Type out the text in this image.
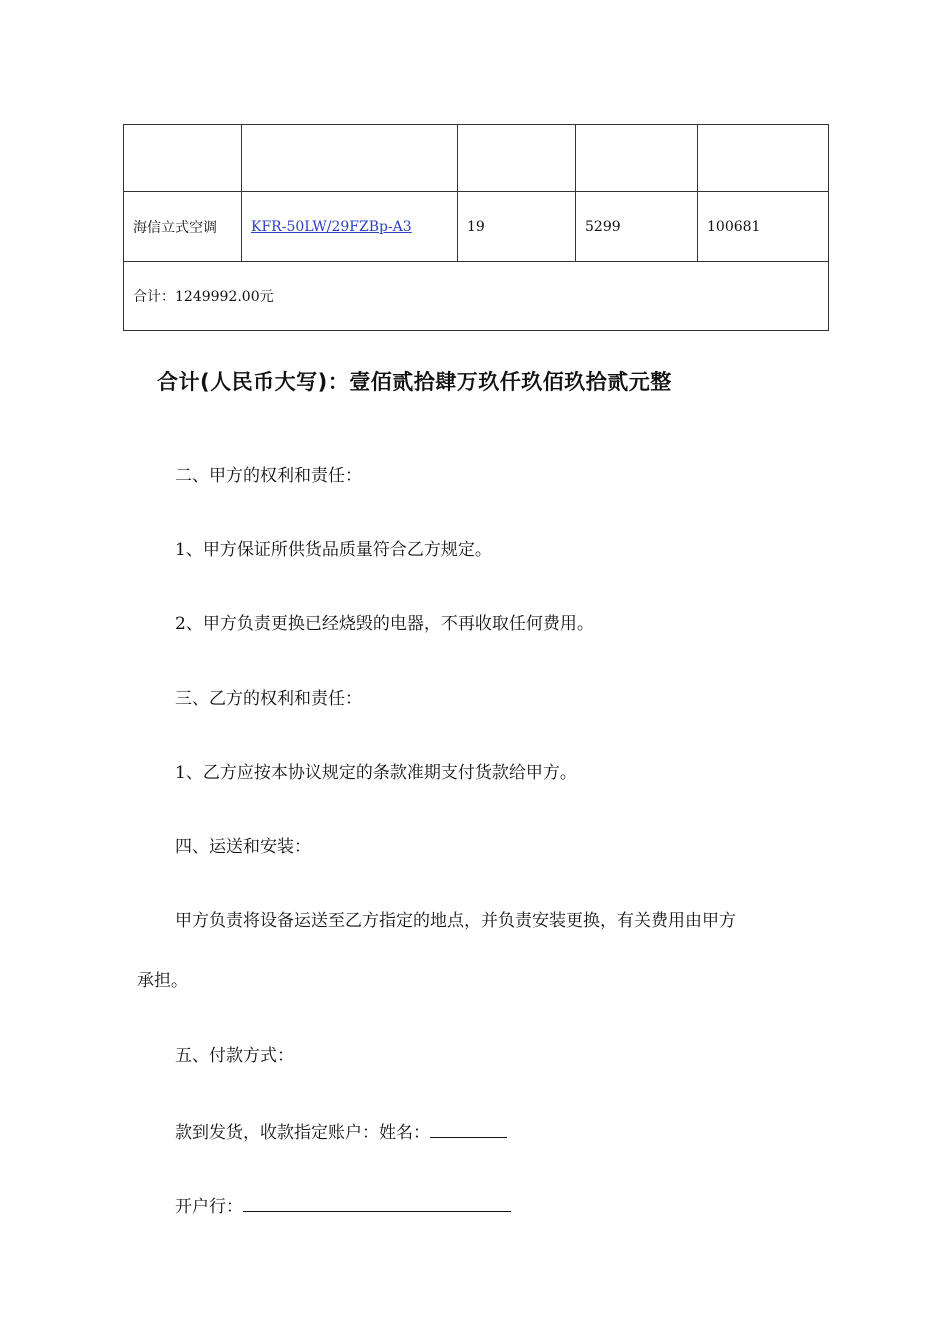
海信立式空调	KFR-50LW/29FZBp-A3	19	5299	100681
合计：1249992.00元				
合计(人民币大写)：壹佰贰拾肆万玖仟玖佰玖拾贰元整
二、甲方的权利和责任：
1、甲方保证所供货品质量符合乙方规定。
2、甲方负责更换已经烧毁的电器，不再收取任何费用。
三、乙方的权利和责任：
1、乙方应按本协议规定的条款准期支付货款给甲方。
四、运送和安装：
甲方负责将设备运送至乙方指定的地点，并负责安装更换，有关费用由甲方
承担。
五、付款方式：
款到发货，收款指定账户：姓名：
开户行：
